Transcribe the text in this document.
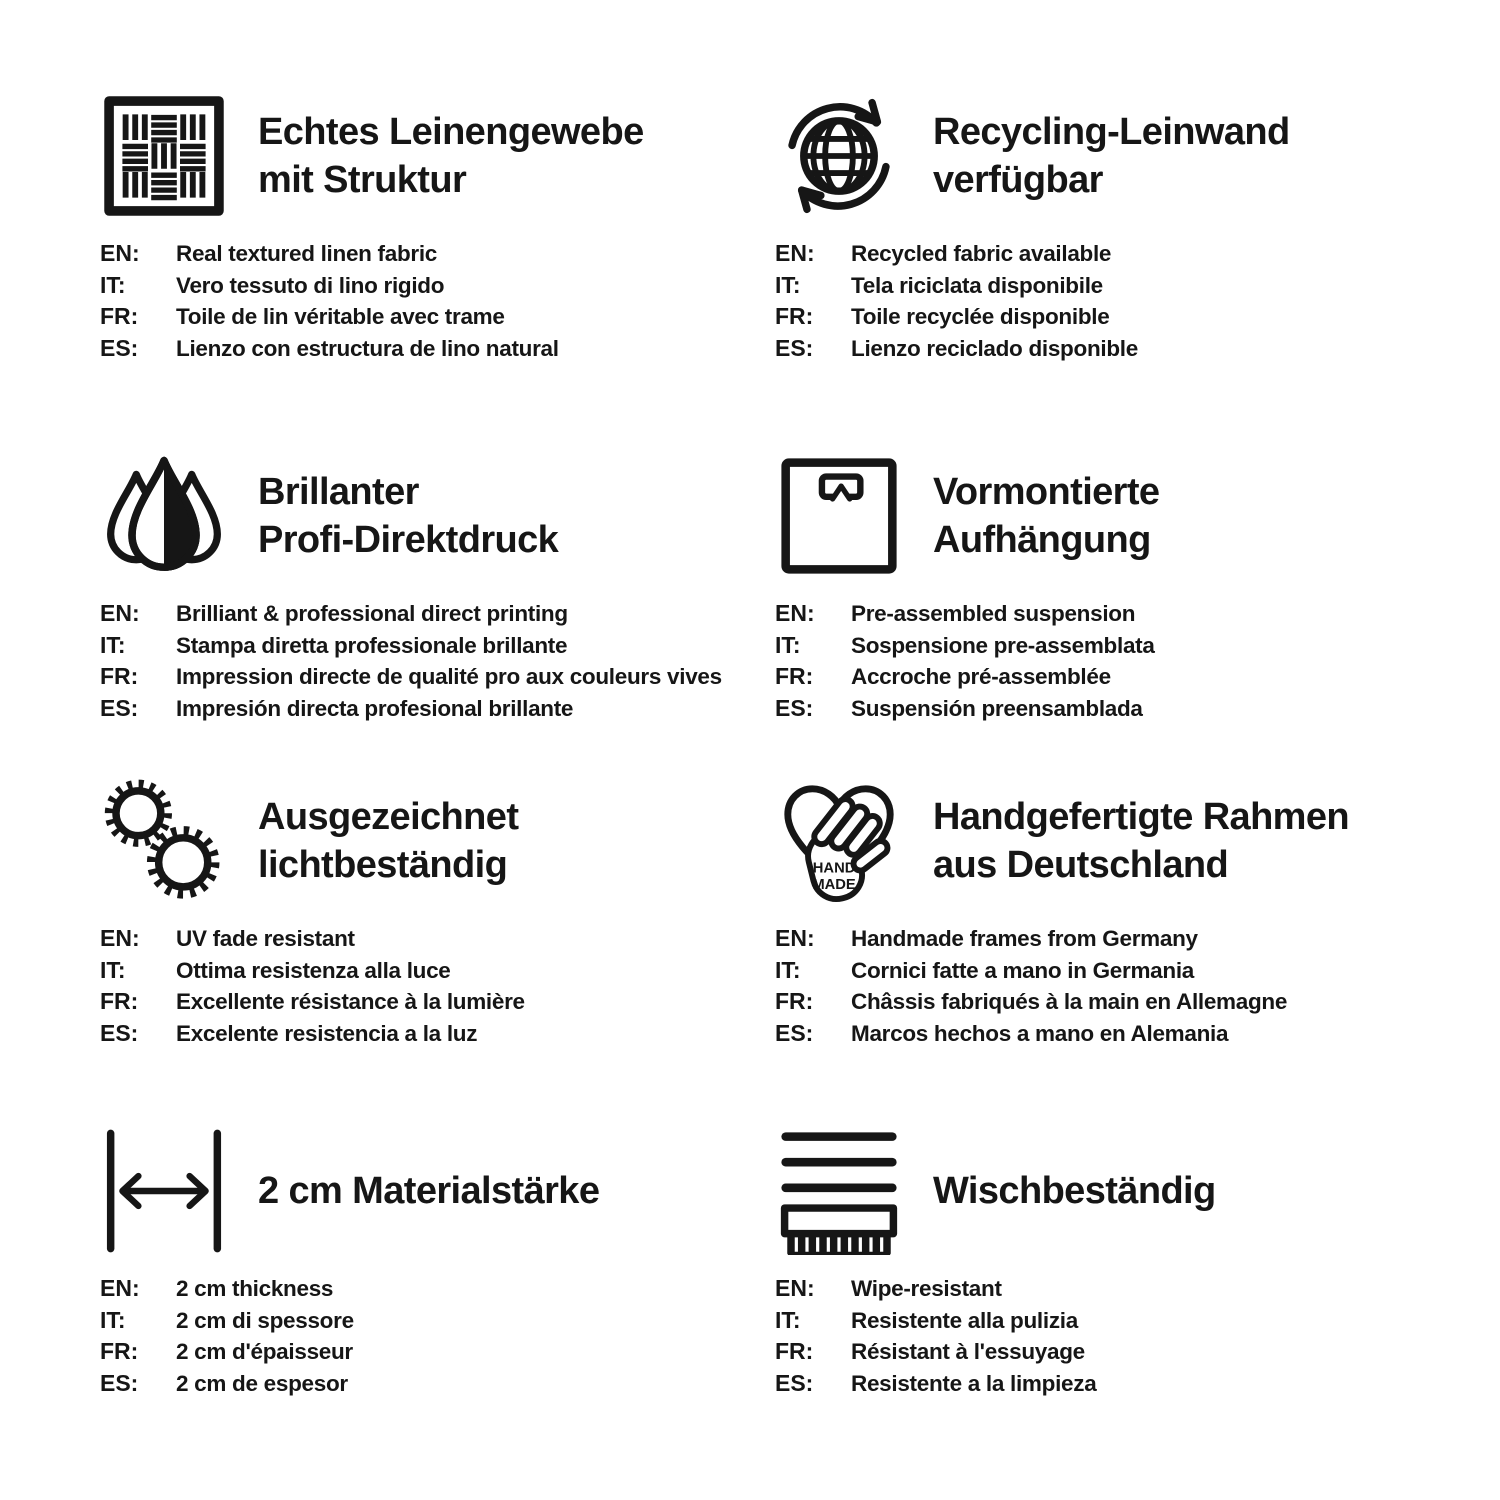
Echtes Leinengewebe
mit Struktur
EN:	Real textured linen fabric
IT:	Vero tessuto di lino rigido
FR:	Toile de lin véritable avec trame
ES:	Lienzo con estructura de lino natural
Recycling-Leinwand
verfügbar
EN:	Recycled fabric available
IT:	Tela riciclata disponibile
FR:	Toile recyclée disponible
ES:	Lienzo reciclado disponible
Brillanter
Profi-Direktdruck
EN:	Brilliant & professional direct printing
IT:	Stampa diretta professionale brillante
FR:	Impression directe de qualité pro aux couleurs vives
ES:	Impresión directa profesional brillante
Vormontierte
Aufhängung
EN:	Pre-assembled suspension
IT:	Sospensione pre-assemblata
FR:	Accroche pré-assemblée
ES:	Suspensión preensamblada
Ausgezeichnet
lichtbeständig
EN:	UV fade resistant
IT:	Ottima resistenza alla luce
FR:	Excellente résistance à la lumière
ES:	Excelente resistencia a la luz
HAND
MADE
Handgefertigte Rahmen
aus Deutschland
EN:	Handmade frames from Germany
IT:	Cornici fatte a mano in Germania
FR:	Châssis fabriqués à la main en Allemagne
ES:	Marcos hechos a mano en Alemania
2 cm Materialstärke
EN:	2 cm thickness
IT:	2 cm di spessore
FR:	2 cm d'épaisseur
ES:	2 cm de espesor
Wischbeständig
EN:	Wipe-resistant
IT:	Resistente alla pulizia
FR:	Résistant à l'essuyage
ES:	Resistente a la limpieza
